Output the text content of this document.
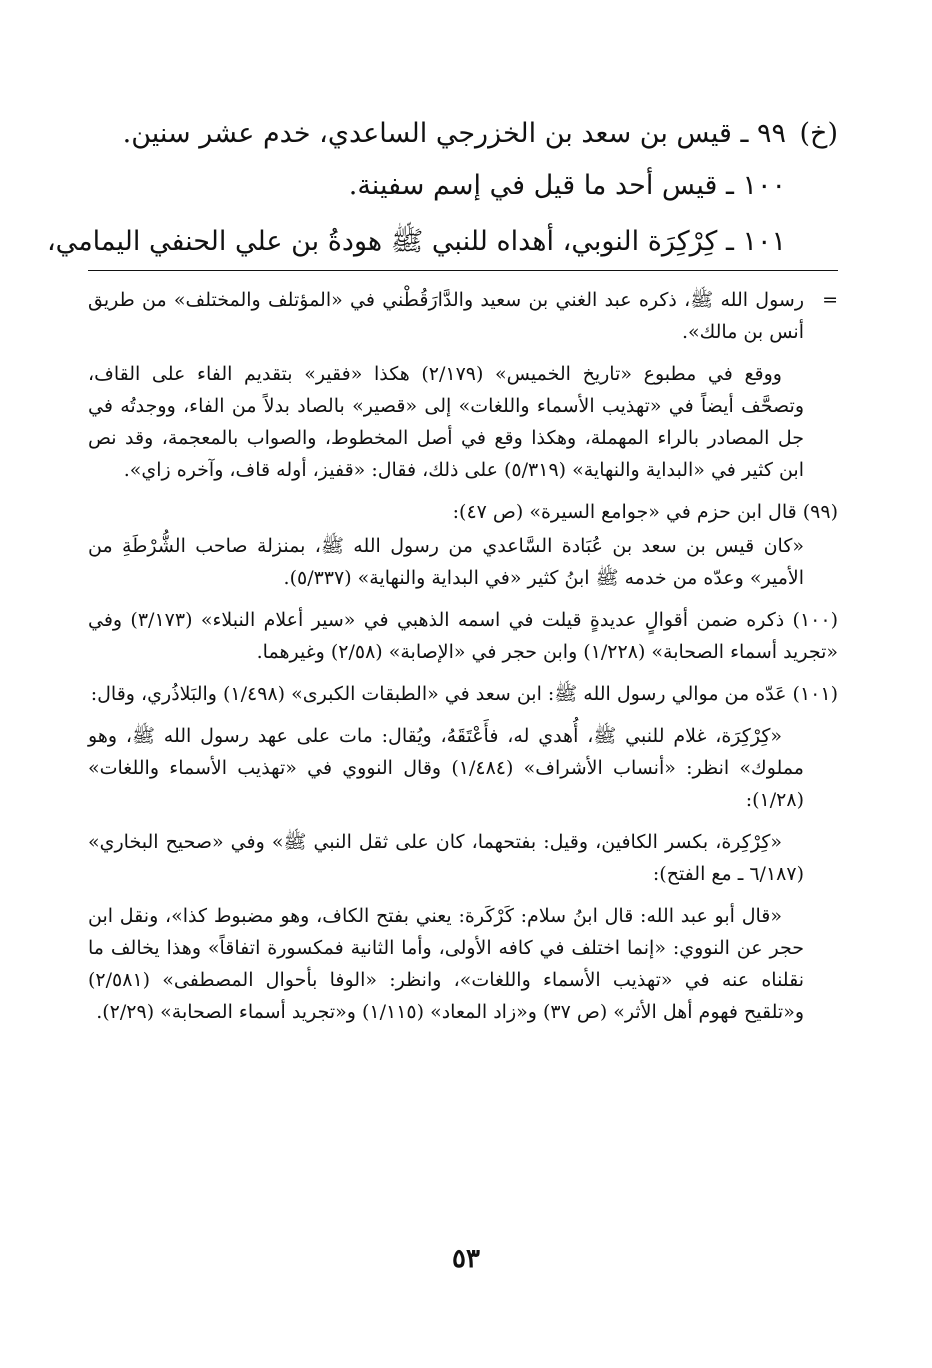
(خ)
٩٩ ـ قيس بن سعد بن الخزرجي الساعدي، خدم عشر سنين.
١٠٠ ـ قيس أحد ما قيل في إسم سفينة.
١٠١ ـ كِرْكِرَة النوبي، أهداه للنبي ﷺ هودةُ بن علي الحنفي اليمامي،
=
رسول الله ﷺ، ذكره عبد الغني بن سعيد والدَّارَقُطْني في «المؤتلف والمختلف» من طريق أنس بن مالك».
ووقع في مطبوع «تاريخ الخميس» (٢/١٧٩) هكذا «فقير» بتقديم الفاء على القاف، وتصحَّف أيضاً في «تهذيب الأسماء واللغات» إلى «قصير» بالصاد بدلاً من الفاء، ووجدتُه في جل المصادر بالراء المهملة، وهكذا وقع في أصل المخطوط، والصواب بالمعجمة، وقد نص ابن كثير في «البداية والنهاية» (٥/٣١٩) على ذلك، فقال: «قفيز، أوله قاف، وآخره زاي».
(٩٩) قال ابن حزم في «جوامع السيرة» (ص ٤٧):
«كان قيس بن سعد بن عُبَادة السَّاعدي من رسول الله ﷺ، بمنزلة صاحب الشُّرْطَةِ من الأمير» وعدّه من خدمه ﷺ ابنُ كثير «في البداية والنهاية» (٥/٣٣٧).
(١٠٠) ذكره ضمن أقوالٍ عديدةٍ قيلت في اسمه الذهبي في «سير أعلام النبلاء» (٣/١٧٣) وفي «تجريد أسماء الصحابة» (١/٢٢٨) وابن حجر في «الإصابة» (٢/٥٨) وغيرهما.
(١٠١) عَدّه من موالي رسول الله ﷺ: ابن سعد في «الطبقات الكبرى» (١/٤٩٨) والبَلاذُري، وقال:
«كِرْكِرَة، غلام للنبي ﷺ، أُهدي له، فأَعْتَقَهُ، ويُقال: مات على عهد رسول الله ﷺ، وهو مملوك» انظر: «أنساب الأشراف» (١/٤٨٤) وقال النووي في «تهذيب الأسماء واللغات» (١/٢٨):
«كِرْكِرة، بكسر الكافين، وقيل: بفتحهما، كان على ثقل النبي ﷺ» وفي «صحيح البخاري» (٦/١٨٧ ـ مع الفتح):
«قال أبو عبد الله: قال ابنُ سلام: كَرْكَرة: يعني بفتح الكاف، وهو مضبوط كذا»، ونقل ابن حجر عن النووي: «إنما اختلف في كافه الأولى، وأما الثانية فمكسورة اتفاقاً» وهذا يخالف ما نقلناه عنه في «تهذيب الأسماء واللغات»، وانظر: «الوفا بأحوال المصطفى» (٢/٥٨١) و«تلقيح فهوم أهل الأثر» (ص ٣٧) و«زاد المعاد» (١/١١٥) و«تجريد أسماء الصحابة» (٢/٢٩).
٥٣
